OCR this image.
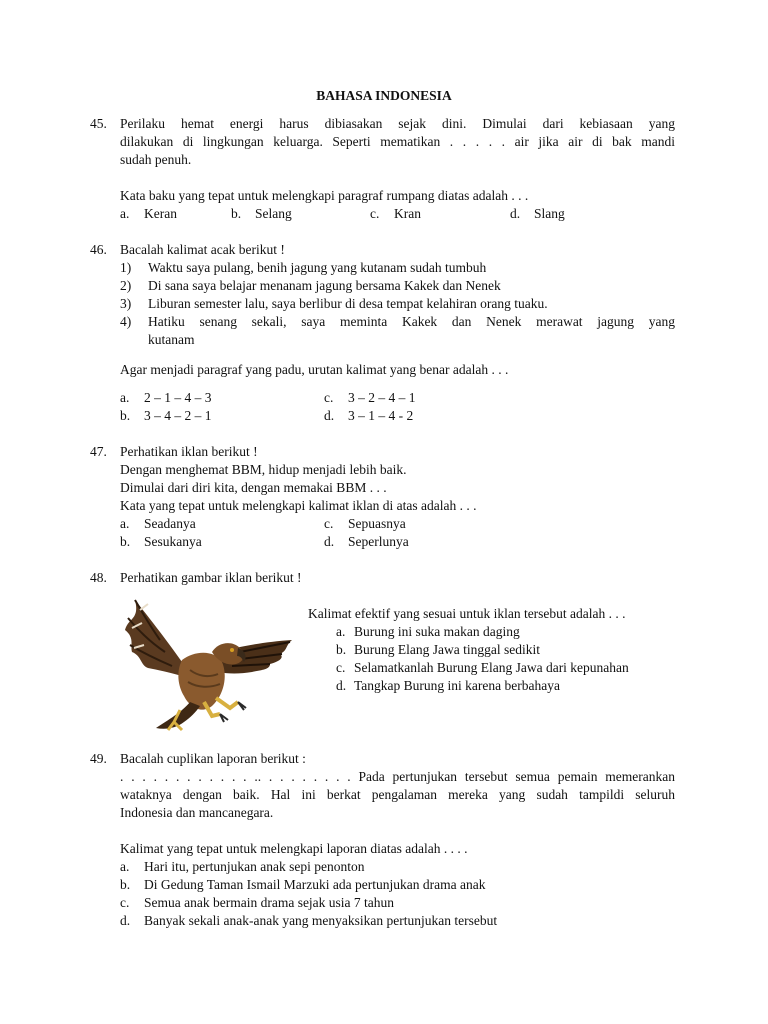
BAHASA INDONESIA
45. Perilaku hemat energi harus dibiasakan sejak dini. Dimulai dari kebiasaan yang
dilakukan di lingkungan keluarga. Seperti mematikan . . . . . air jika air di bak mandi
sudah penuh.
Kata baku yang tepat untuk melengkapi paragraf rumpang diatas adalah . . .
a. Keran	b. Selang	c. Kran	d. Slang
46. Bacalah kalimat acak berikut !
1) Waktu saya pulang, benih jagung yang kutanam sudah tumbuh
2) Di sana saya belajar menanam jagung bersama Kakek dan Nenek
3) Liburan semester lalu, saya berlibur di desa tempat kelahiran orang tuaku.
4)	Hatiku senang sekali, saya meminta Kakek dan Nenek merawat jagung yang
kutanam
Agar menjadi paragraf yang padu, urutan kalimat yang benar adalah . . .
a. 2 – 1 – 4 – 3	c. 3 – 2 – 4 – 1
b. 3 – 4 – 2 – 1	d. 3 – 1 – 4 - 2
47. Perhatikan iklan berikut !
Dengan menghemat BBM, hidup menjadi lebih baik.
Dimulai dari diri kita, dengan memakai BBM . . .
Kata yang tepat untuk melengkapi kalimat iklan di atas adalah . . .
a. Seadanya	c. Sepuasnya
b. Sesukanya	d. Seperlunya
48. Perhatikan gambar iklan berikut !
Kalimat efektif yang sesuai untuk iklan tersebut adalah . . .
a. Burung ini suka makan daging
b. Burung Elang Jawa tinggal sedikit
c. Selamatkanlah Burung Elang Jawa dari kepunahan
d. Tangkap Burung ini karena berbahaya
49. Bacalah cuplikan laporan berikut :
. . . . . . . . . . . . .. . . . . . . . . Pada pertunjukan tersebut semua pemain memerankan
wataknya dengan baik. Hal ini berkat pengalaman mereka yang sudah tampildi seluruh
Indonesia dan mancanegara.
Kalimat yang tepat untuk melengkapi laporan diatas adalah . . . .
a. Hari itu, pertunjukan anak sepi penonton
b. Di Gedung Taman Ismail Marzuki ada pertunjukan drama anak
c. Semua anak bermain drama sejak usia 7 tahun
d. Banyak sekali anak-anak yang menyaksikan pertunjukan tersebut
